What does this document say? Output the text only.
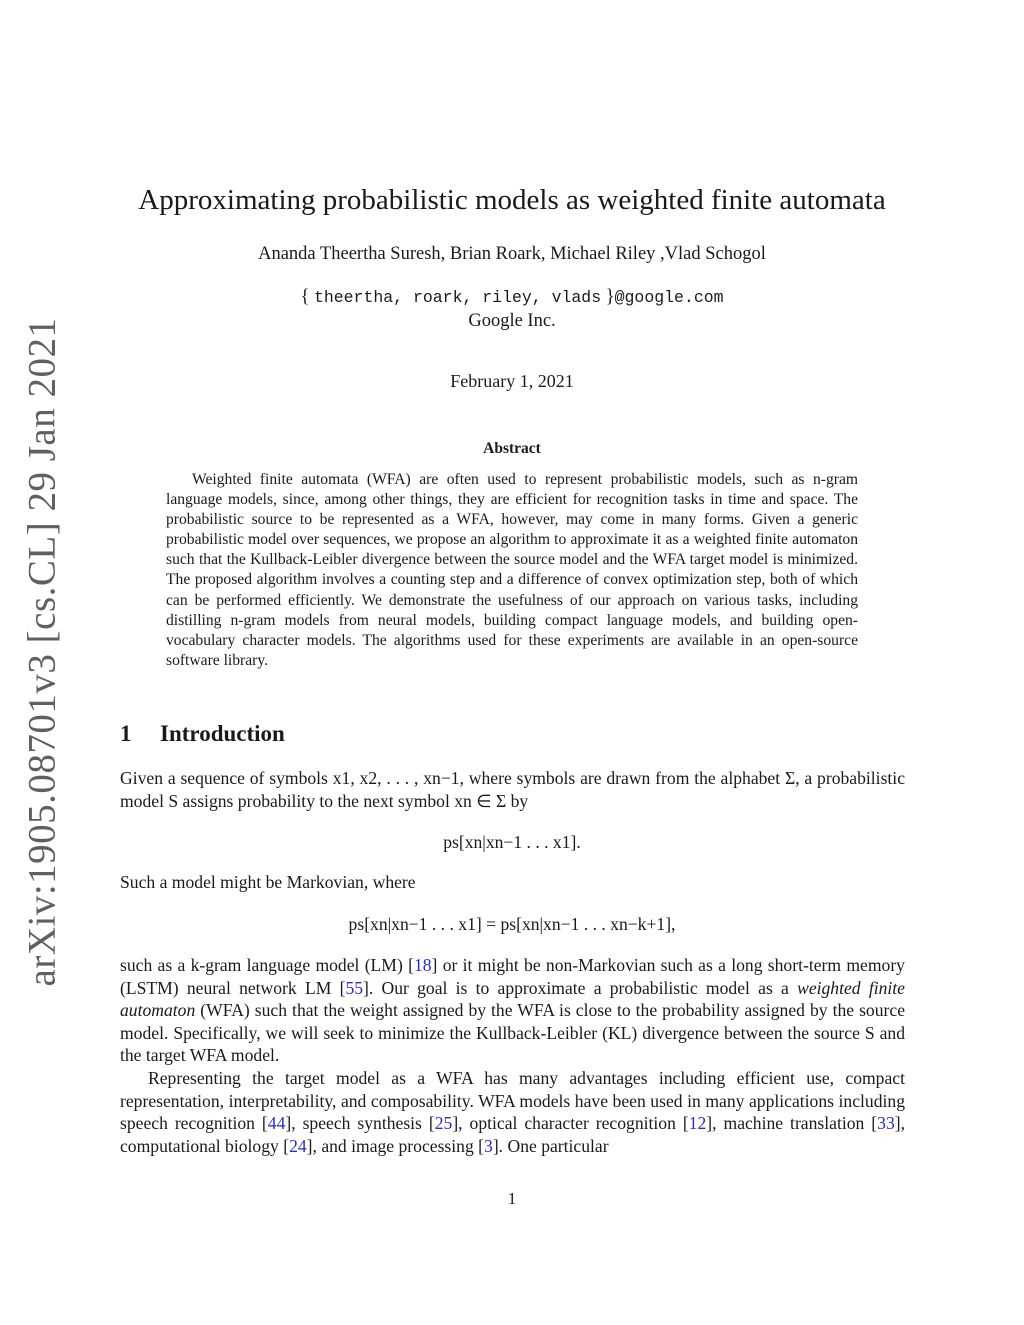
arXiv:1905.08701v3 [cs.CL] 29 Jan 2021
Approximating probabilistic models as weighted finite automata
Ananda Theertha Suresh, Brian Roark, Michael Riley ,Vlad Schogol
{ theertha, roark, riley, vlads }@google.com
Google Inc.
February 1, 2021
Abstract
Weighted finite automata (WFA) are often used to represent probabilistic models, such as n-gram language models, since, among other things, they are efficient for recognition tasks in time and space. The probabilistic source to be represented as a WFA, however, may come in many forms. Given a generic probabilistic model over sequences, we propose an algorithm to approximate it as a weighted finite automaton such that the Kullback-Leibler divergence between the source model and the WFA target model is minimized. The proposed algorithm involves a counting step and a difference of convex optimization step, both of which can be performed efficiently. We demonstrate the usefulness of our approach on various tasks, including distilling n-gram models from neural models, building compact language models, and building open-vocabulary character models. The algorithms used for these experiments are available in an open-source software library.
1 Introduction
Given a sequence of symbols x1, x2, . . . , xn−1, where symbols are drawn from the alphabet Σ, a probabilistic model S assigns probability to the next symbol xn ∈ Σ by
ps[xn|xn−1 . . . x1].
Such a model might be Markovian, where
ps[xn|xn−1 . . . x1] = ps[xn|xn−1 . . . xn−k+1],
such as a k-gram language model (LM) [18] or it might be non-Markovian such as a long short-term memory (LSTM) neural network LM [55]. Our goal is to approximate a probabilistic model as a weighted finite automaton (WFA) such that the weight assigned by the WFA is close to the probability assigned by the source model. Specifically, we will seek to minimize the Kullback-Leibler (KL) divergence between the source S and the target WFA model.
Representing the target model as a WFA has many advantages including efficient use, compact representation, interpretability, and composability. WFA models have been used in many applications including speech recognition [44], speech synthesis [25], optical character recognition [12], machine translation [33], computational biology [24], and image processing [3]. One particular
1
